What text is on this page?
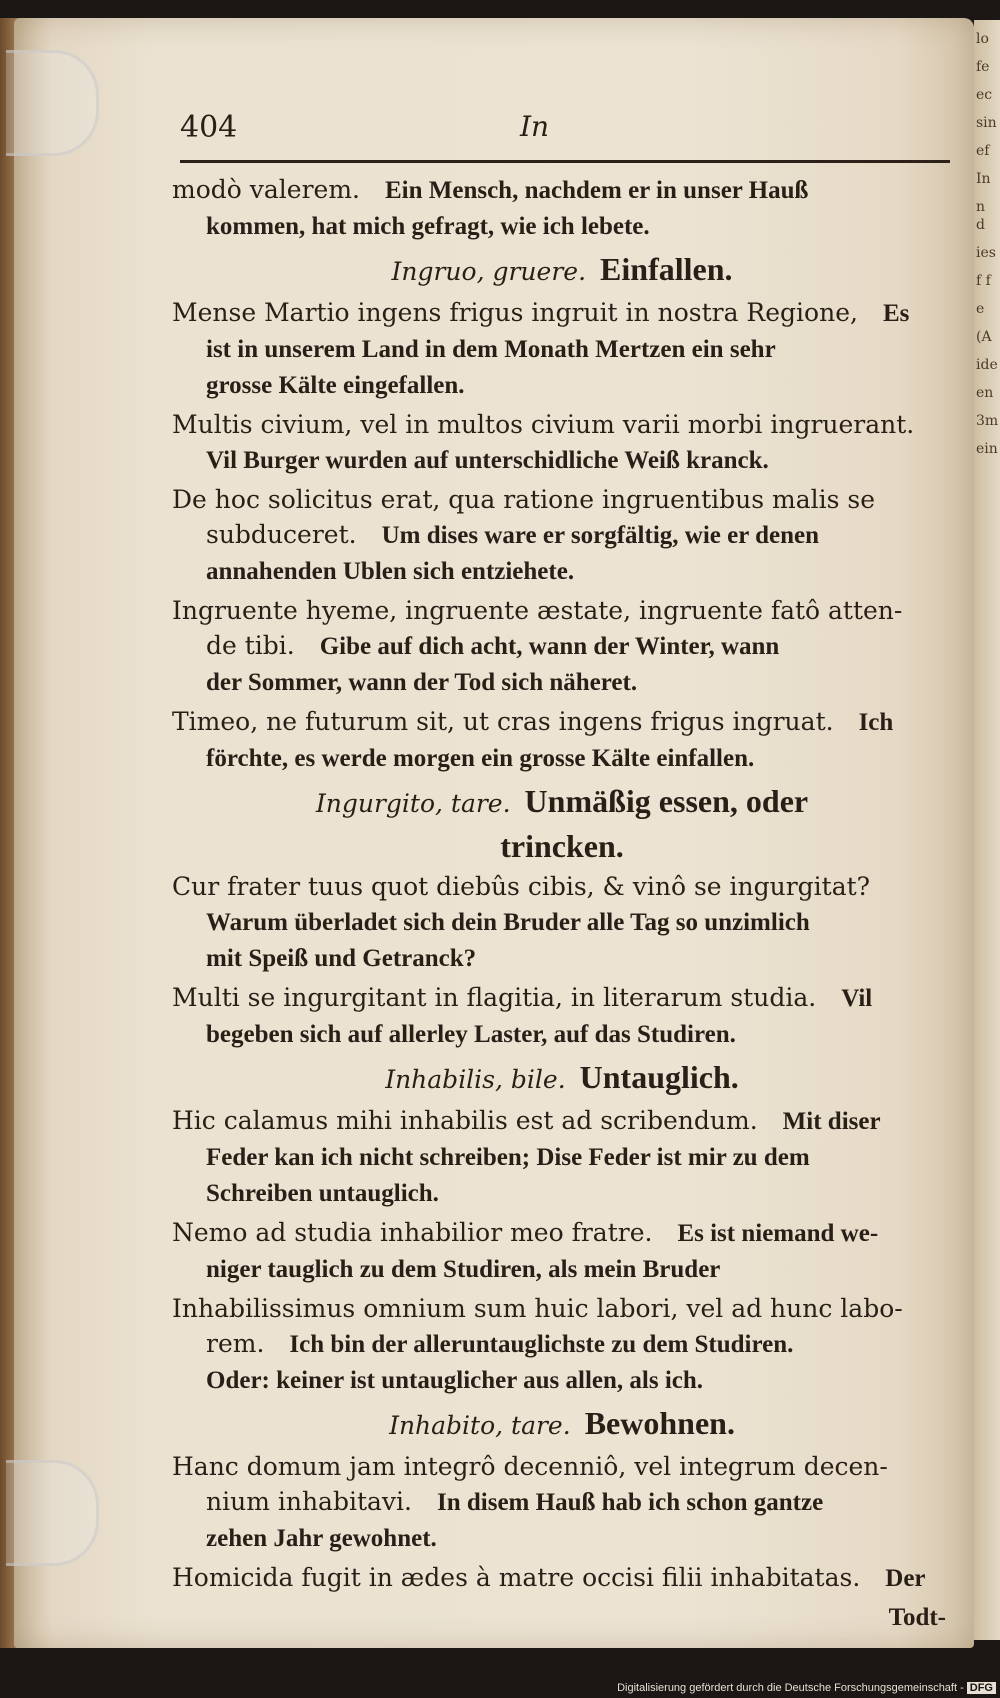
lo
fe
ec
sin
ef
In
n d
ies
f f
e
(A
ide
en
3m
ein
404	In
modò valerem.  Ein Mensch, nachdem er in unser Hauß
kommen, hat mich gefragt, wie ich lebete.
Ingruo, gruere. Einfallen.
Mense Martio ingens frigus ingruit in nostra Regione,  Es
ist in unserem Land in dem Monath Mertzen ein sehr
grosse Kälte eingefallen.
Multis civium, vel in multos civium varii morbi ingruerant.
Vil Burger wurden auf unterschidliche Weiß kranck.
De hoc solicitus erat, qua ratione ingruentibus malis se
subduceret.  Um dises ware er sorgfältig, wie er denen
annahenden Ublen sich entziehete.
Ingruente hyeme, ingruente æstate, ingruente fatô atten-
de tibi.  Gibe auf dich acht, wann der Winter, wann
der Sommer, wann der Tod sich näheret.
Timeo, ne futurum sit, ut cras ingens frigus ingruat.  Ich
förchte, es werde morgen ein grosse Kälte einfallen.
Ingurgito, tare. Unmäßig essen, oder
trincken.
Cur frater tuus quot diebûs cibis, & vinô se ingurgitat?
Warum überladet sich dein Bruder alle Tag so unzimlich
mit Speiß und Getranck?
Multi se ingurgitant in flagitia, in literarum studia.  Vil
begeben sich auf allerley Laster, auf das Studiren.
Inhabilis, bile. Untauglich.
Hic calamus mihi inhabilis est ad scribendum.  Mit diser
Feder kan ich nicht schreiben; Dise Feder ist mir zu dem
Schreiben untauglich.
Nemo ad studia inhabilior meo fratre.  Es ist niemand we-
niger tauglich zu dem Studiren, als mein Bruder
Inhabilissimus omnium sum huic labori, vel ad hunc labo-
rem.  Ich bin der alleruntauglichste zu dem Studiren.
Oder: keiner ist untauglicher aus allen, als ich.
Inhabito, tare. Bewohnen.
Hanc domum jam integrô decenniô, vel integrum decen-
nium inhabitavi.  In disem Hauß hab ich schon gantze
zehen Jahr gewohnet.
Homicida fugit in ædes à matre occisi filii inhabitatas.  Der
Todt-
Digitalisierung gefördert durch die Deutsche Forschungsgemeinschaft - DFG
